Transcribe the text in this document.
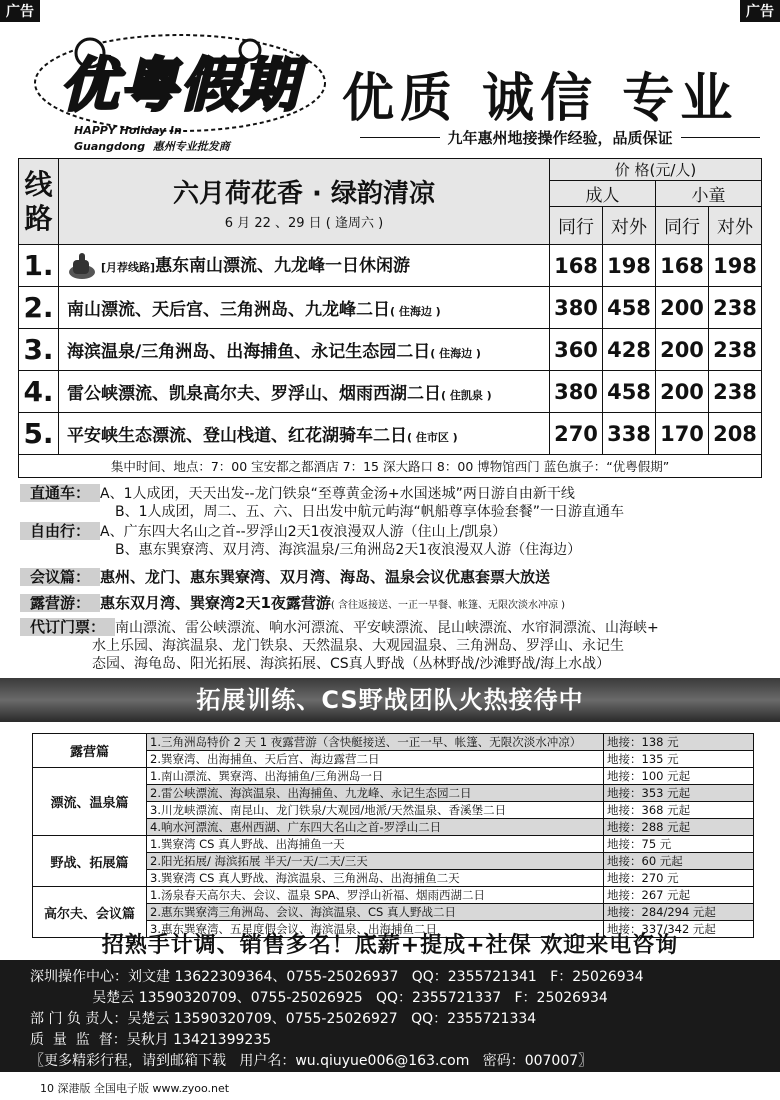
广告	广告
优粤假期
HAPPY Holiday In
Guangdong 惠州专业批发商
优质 诚信 专业
九年惠州地接操作经验，品质保证
线
路	六月荷花香 · 绿韵清凉
6 月 22 、29 日 ( 逢周六 )	价 格(元/人)			
		成人		小童	
		同行	对外	同行	对外
1.	[月荐线路]惠东南山漂流、九龙峰一日休闲游	168	198	168	198
2.	南山漂流、天后宫、三角洲岛、九龙峰二日( 住海边 )	380	458	200	238
3.	海滨温泉/三角洲岛、出海捕鱼、永记生态园二日( 住海边 )	360	428	200	238
4.	雷公峡漂流、凯泉高尔夫、罗浮山、烟雨西湖二日( 住凯泉 )	380	458	200	238
5.	平安峡生态漂流、登山栈道、红花湖骑车二日( 住市区 )	270	338	170	208
集中时间、地点：7：00 宝安都之都酒店 7：15 深大路口 8：00 博物馆西门 蓝色旗子：“优粤假期”					
直通车： A、1人成团，天天出发--龙门铁泉“至尊黄金汤+水国迷城”两日游自由新干线
B、1人成团，周二、五、六、日出发中航元屿海“帆船尊享体验套餐”一日游直通车
自由行： A、广东四大名山之首--罗浮山2天1夜浪漫双人游（住山上/凯泉）
B、惠东巽寮湾、双月湾、海滨温泉/三角洲岛2天1夜浪漫双人游（住海边）
会议篇： 惠州、龙门、惠东巽寮湾、双月湾、海岛、温泉会议优惠套票大放送
露营游： 惠东双月湾、巽寮湾2天1夜露营游( 含往返接送、一正一早餐、帐篷、无限次淡水冲凉 )
代订门票： 南山漂流、雷公峡漂流、响水河漂流、平安峡漂流、昆山峡漂流、水帘洞漂流、山海峡+
水上乐园、海滨温泉、龙门铁泉、天然温泉、大观园温泉、三角洲岛、罗浮山、永记生
态园、海龟岛、阳光拓展、海滨拓展、CS真人野战（丛林野战/沙滩野战/海上水战）
拓展训练、CS野战团队火热接待中
露营篇	1.三角洲岛特价 2 天 1 夜露营游（含快艇接送、一正一早、帐篷、无限次淡水冲凉）	地接：138 元
	2.巽寮湾、出海捕鱼、天后宫、海边露营二日	地接：135 元
漂流、温泉篇	1.南山漂流、巽寮湾、出海捕鱼/三角洲岛一日	地接：100 元起
	2.雷公峡漂流、海滨温泉、出海捕鱼、九龙峰、永记生态园二日	地接：353 元起
	3.川龙峡漂流、南昆山、龙门铁泉/大观园/地派/天然温泉、香溪堡二日	地接：368 元起
	4.响水河漂流、惠州西湖、广东四大名山之首-罗浮山二日	地接：288 元起
野战、拓展篇	1.巽寮湾 CS 真人野战、出海捕鱼一天	地接：75 元
	2.阳光拓展/ 海滨拓展 半天/一天/二天/三天	地接：60 元起
	3.巽寮湾 CS 真人野战、海滨温泉、三角洲岛、出海捕鱼二天	地接：270 元
高尔夫、会议篇	1.汤泉春天高尔夫、会议、温泉 SPA、罗浮山祈福、烟雨西湖二日	地接：267 元起
	2.惠东巽寮湾三角洲岛、会议、海滨温泉、CS 真人野战二日	地接：284/294 元起
	3.惠东巽寮湾、五星度假会议、海滨温泉、出海捕鱼二日	地接：337/342 元起
招熟手计调、销售多名！底薪+提成+社保 欢迎来电咨询
深圳操作中心：刘文建 13622309364、0755-25026937   QQ：2355721341   F：25026934
吴楚云 13590320709、0755-25026925   QQ：2355721337   F：25026934
部 门 负 责人：吴楚云 13590320709、0755-25026927   QQ：2355721334
质  量  监  督：吴秋月 13421399235
〖更多精彩行程，请到邮箱下载   用户名：wu.qiuyue006@163.com   密码：007007〗
10 深港版 全国电子版 www.zyoo.net
